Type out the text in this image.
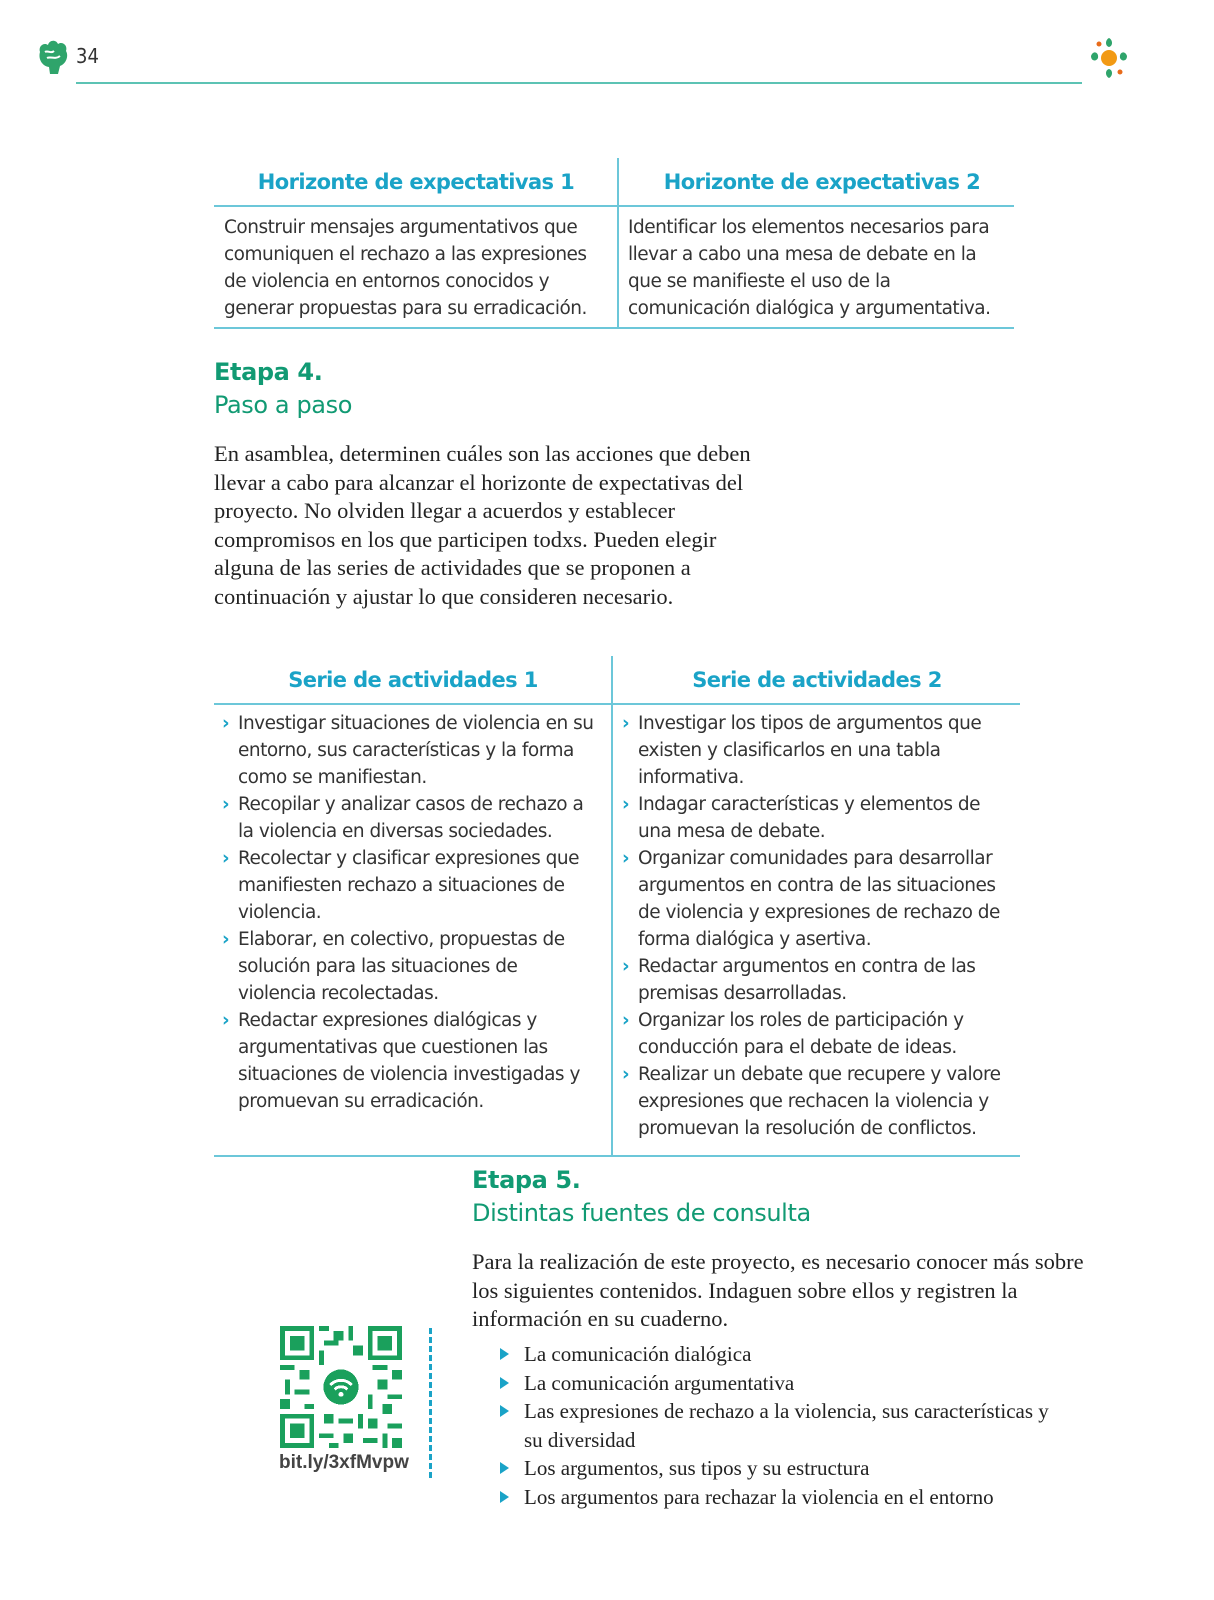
34
Horizonte de expectativas 1
Construir mensajes argumentativos que comuniquen el rechazo a las expresiones de violencia en entornos conocidos y generar propuestas para su erradicación.
Horizonte de expectativas 2
Identificar los elementos necesarios para llevar a cabo una mesa de debate en la que se manifieste el uso de la comunicación dialógica y argumentativa.
Etapa 4.
Paso a paso
En asamblea, determinen cuáles son las acciones que deben llevar a cabo para alcanzar el horizonte de expectativas del proyecto. No olviden llegar a acuerdos y establecer compromisos en los que participen todxs. Pueden elegir alguna de las series de actividades que se proponen a continuación y ajustar lo que consideren necesario.
Serie de actividades 1
› Investigar situaciones de violencia en su entorno, sus características y la forma como se manifiestan.
› Recopilar y analizar casos de rechazo a la violencia en diversas sociedades.
› Recolectar y clasificar expresiones que manifiesten rechazo a situaciones de violencia.
› Elaborar, en colectivo, propuestas de solución para las situaciones de violencia recolectadas.
› Redactar expresiones dialógicas y argumentativas que cuestionen las situaciones de violencia investigadas y promuevan su erradicación.
Serie de actividades 2
› Investigar los tipos de argumentos que existen y clasificarlos en una tabla informativa.
› Indagar características y elementos de una mesa de debate.
› Organizar comunidades para desarrollar argumentos en contra de las situaciones de violencia y expresiones de rechazo de forma dialógica y asertiva.
› Redactar argumentos en contra de las premisas desarrolladas.
› Organizar los roles de participación y conducción para el debate de ideas.
› Realizar un debate que recupere y valore expresiones que rechacen la violencia y promuevan la resolución de conflictos.
Etapa 5.
Distintas fuentes de consulta
Para la realización de este proyecto, es necesario conocer más sobre los siguientes contenidos. Indaguen sobre ellos y registren la información en su cuaderno.
La comunicación dialógica
La comunicación argumentativa
Las expresiones de rechazo a la violencia, sus características y su diversidad
Los argumentos, sus tipos y su estructura
Los argumentos para rechazar la violencia en el entorno
bit.ly/3xfMvpw
